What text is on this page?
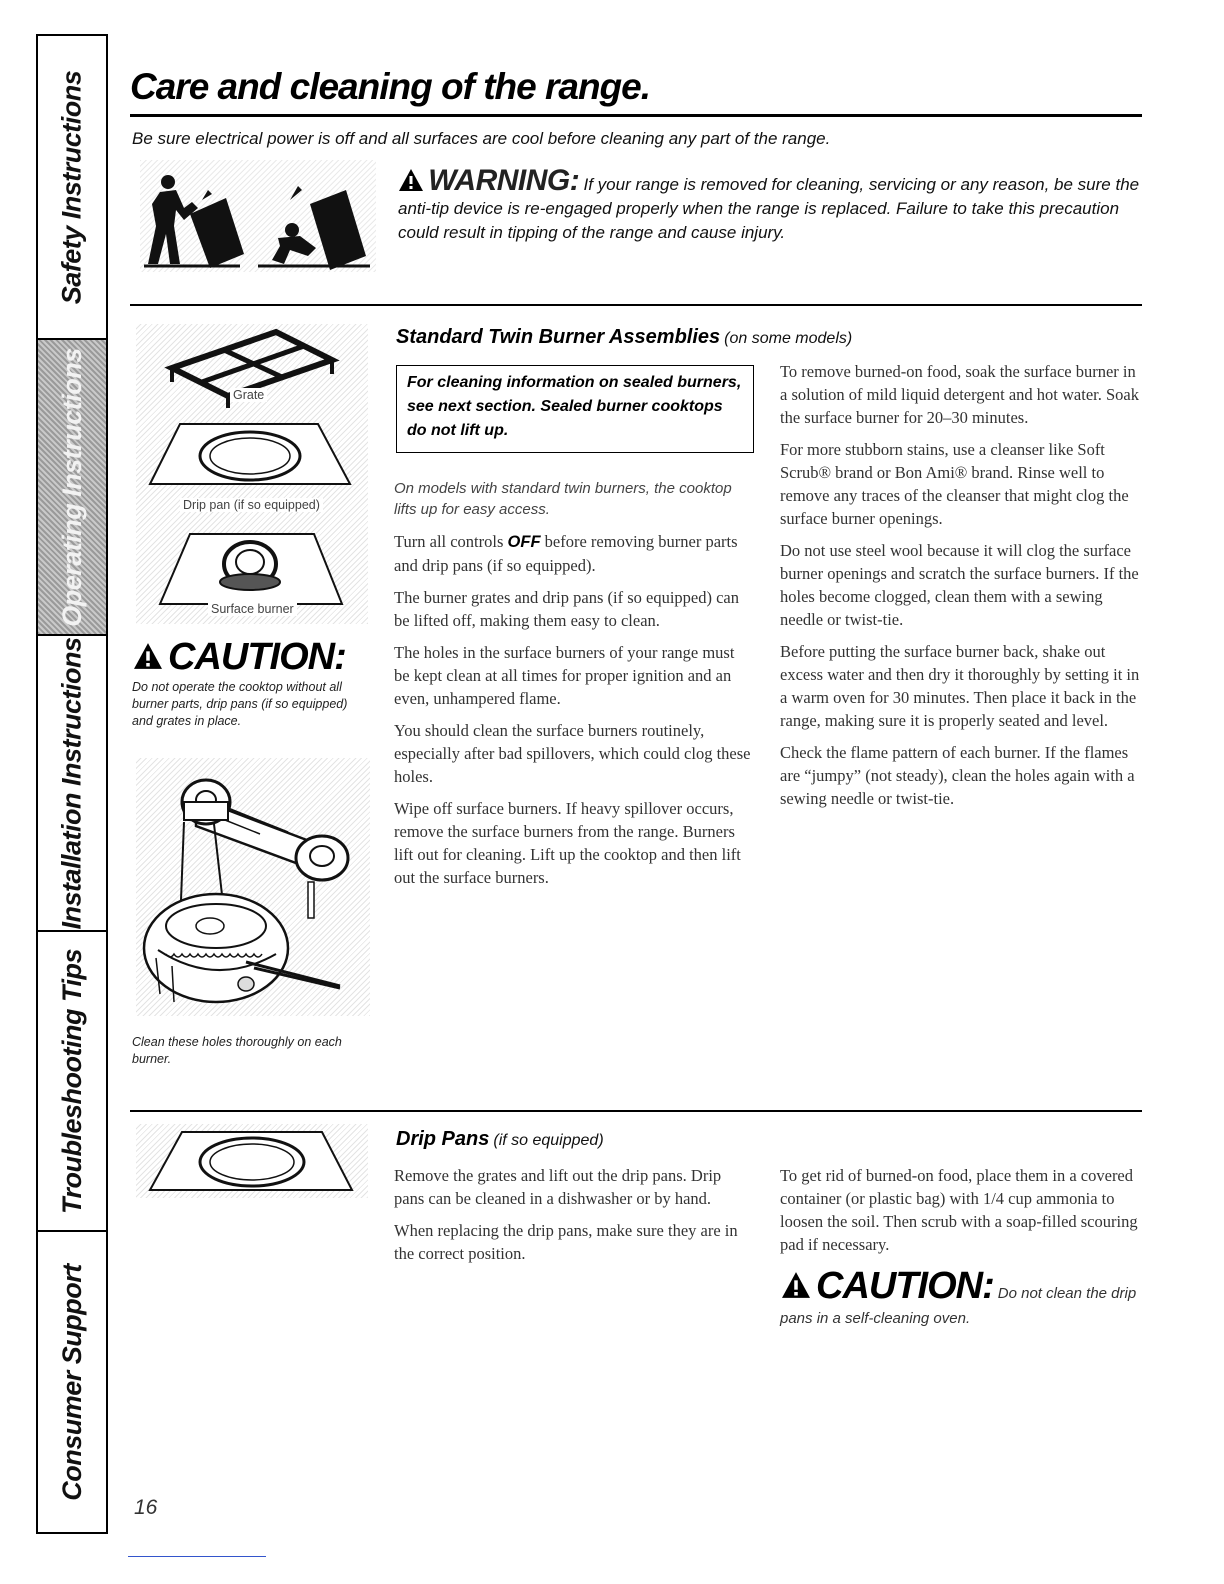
Safety Instructions
Operating Instructions
Installation Instructions
Troubleshooting Tips
Consumer Support
Care and cleaning of the range.
Be sure electrical power is off and all surfaces are cool before cleaning any part of the range.
WARNING: If your range is removed for cleaning, servicing or any reason, be sure the anti-tip device is re-engaged properly when the range is replaced. Failure to take this precaution could result in tipping of the range and cause injury.
Grate
Drip pan (if so equipped)
Surface burner
CAUTION:
Do not operate the cooktop without all burner parts, drip pans (if so equipped) and grates in place.
Clean these holes thoroughly on each burner.
Standard Twin Burner Assemblies (on some models)
For cleaning information on sealed burners, see next section. Sealed burner cooktops do not lift up.

On models with standard twin burners, the cooktop lifts up for easy access.

Turn all controls OFF before removing burner parts and drip pans (if so equipped).

The burner grates and drip pans (if so equipped) can be lifted off, making them easy to clean.

The holes in the surface burners of your range must be kept clean at all times for proper ignition and an even, unhampered flame.

You should clean the surface burners routinely, especially after bad spillovers, which could clog these holes.

Wipe off surface burners. If heavy spillover occurs, remove the surface burners from the range. Burners lift out for cleaning. Lift up the cooktop and then lift out the surface burners.

To remove burned-on food, soak the surface burner in a solution of mild liquid detergent and hot water. Soak the surface burner for 20–30 minutes.

For more stubborn stains, use a cleanser like Soft Scrub® brand or Bon Ami® brand. Rinse well to remove any traces of the cleanser that might clog the surface burner openings.

Do not use steel wool because it will clog the surface burner openings and scratch the surface burners. If the holes become clogged, clean them with a sewing needle or twist-tie.

Before putting the surface burner back, shake out excess water and then dry it thoroughly by setting it in a warm oven for 30 minutes. Then place it back in the range, making sure it is properly seated and level.

Check the flame pattern of each burner. If the flames are “jumpy” (not steady), clean the holes again with a sewing needle or twist-tie.

Drip Pans (if so equipped)

Remove the grates and lift out the drip pans. Drip pans can be cleaned in a dishwasher or by hand.

When replacing the drip pans, make sure they are in the correct position.

To get rid of burned-on food, place them in a covered container (or plastic bag) with 1/4 cup ammonia to loosen the soil. Then scrub with a soap-filled scouring pad if necessary.

CAUTION: Do not clean the drip pans in a self-cleaning oven.
16
